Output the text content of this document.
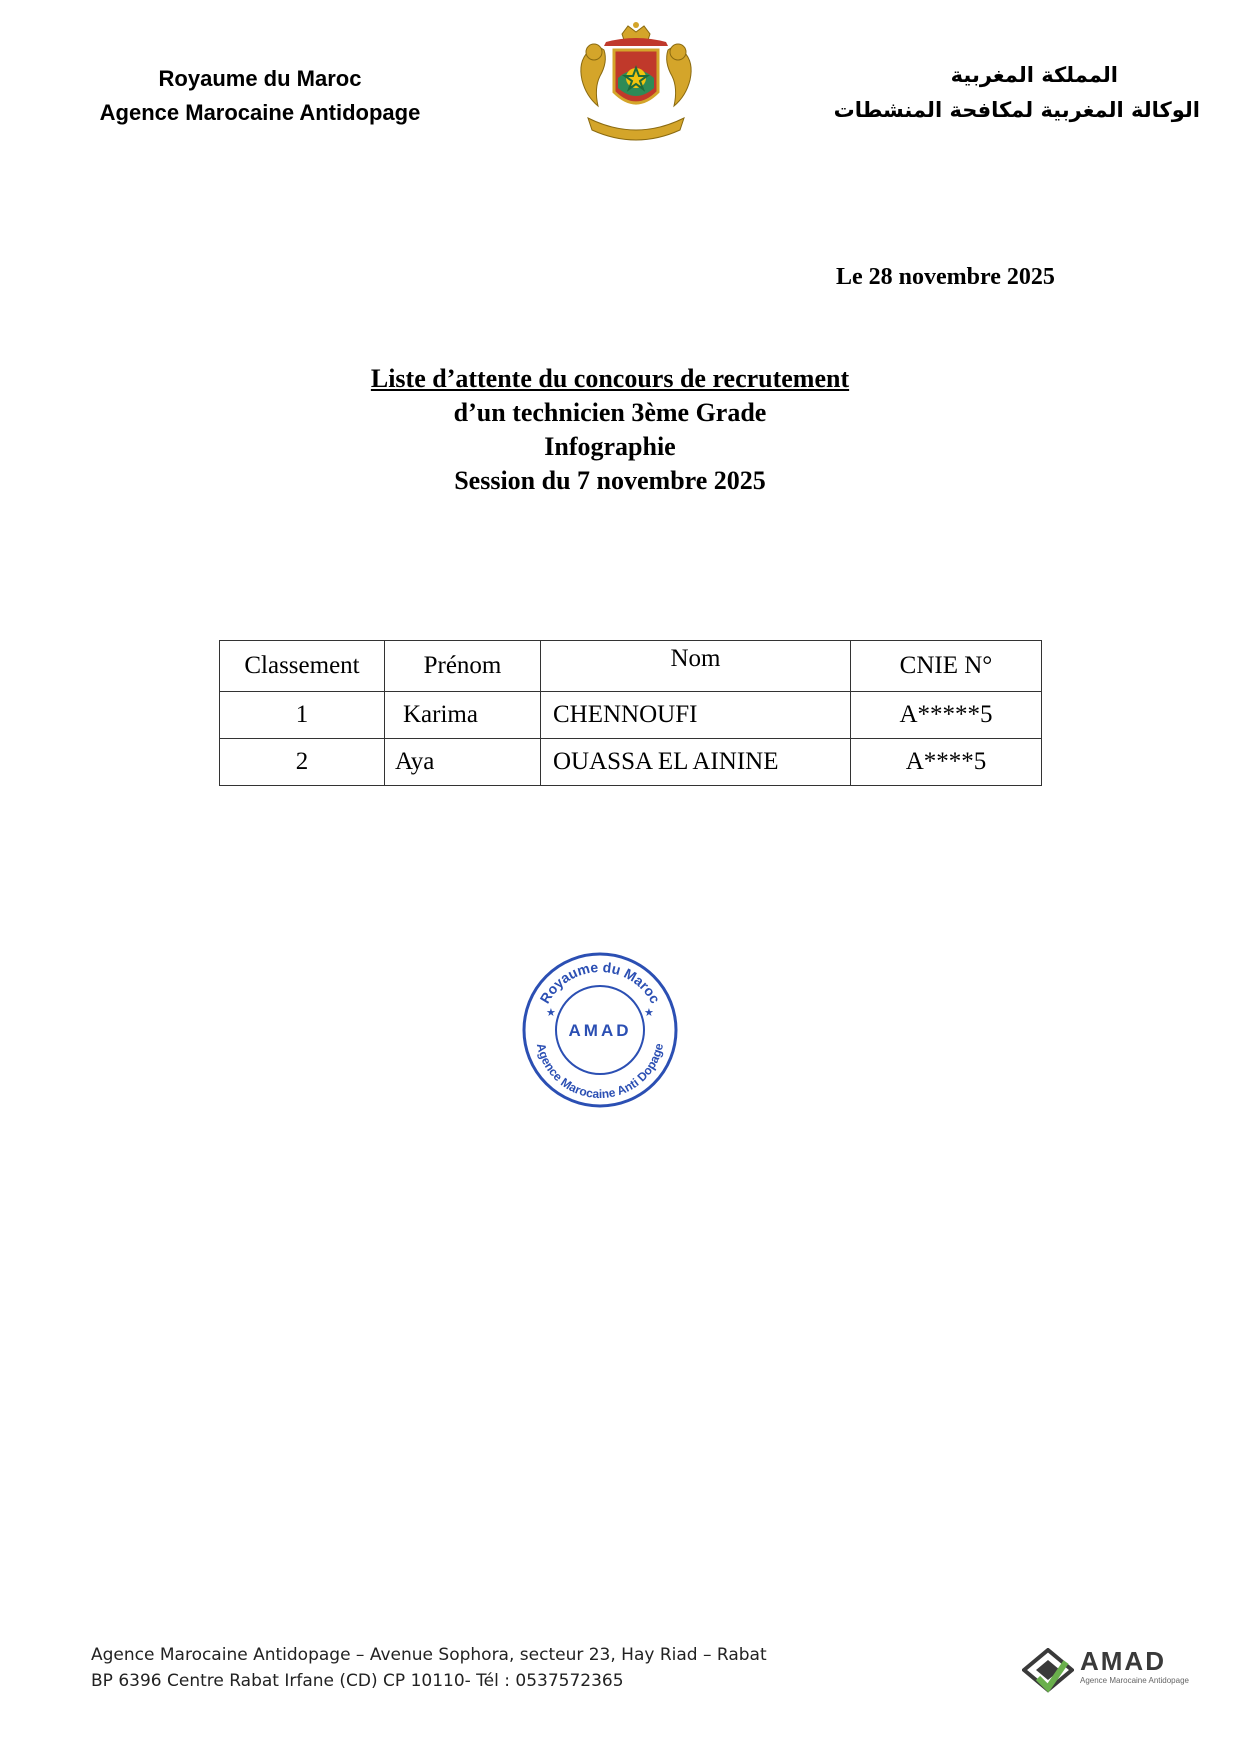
Royaume du Maroc
Agence Marocaine Antidopage
المملكة المغربية
الوكالة المغربية لمكافحة المنشطات
Le 28 novembre 2025
Liste d’attente du concours de recrutement
d’un technicien 3ème Grade
Infographie
Session du 7 novembre 2025
Classement	Prénom	Nom	CNIE N°
1	Karima	CHENNOUFI	A*****5
2	Aya	OUASSA EL AININE	A****5
Royaume du Maroc
Agence Marocaine Anti Dopage
AMAD
★	★
Agence Marocaine Antidopage – Avenue Sophora, secteur 23, Hay Riad – Rabat
BP 6396 Centre Rabat Irfane (CD) CP 10110- Tél : 0537572365
AMAD
Agence Marocaine Antidopage
